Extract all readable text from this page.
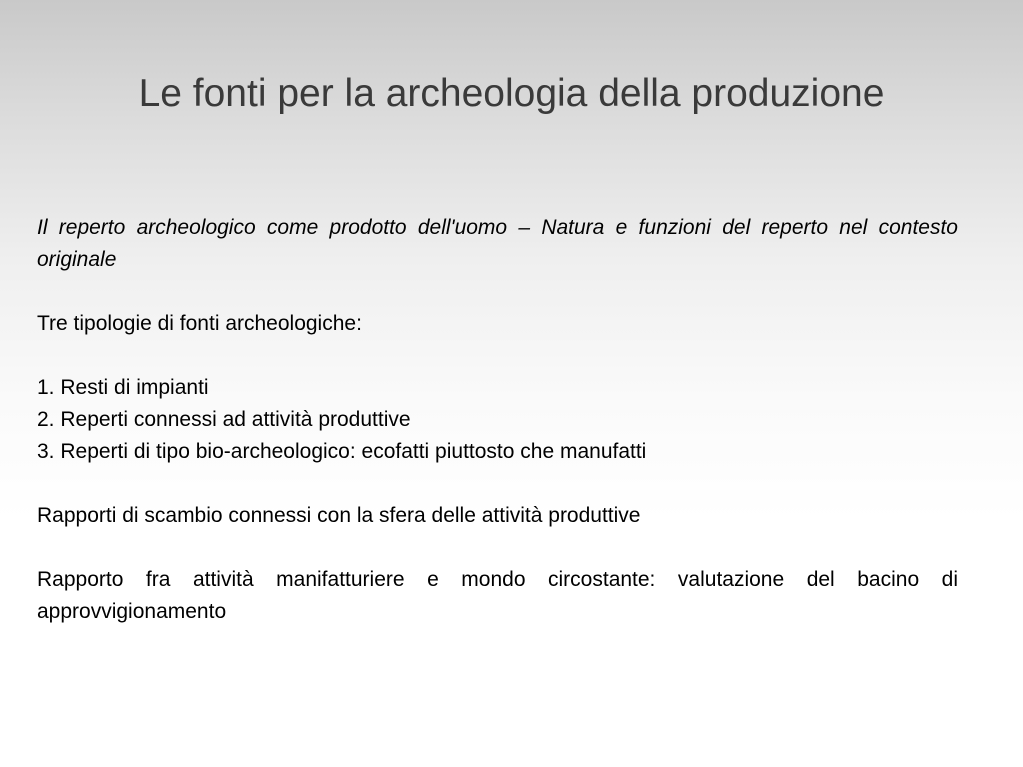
Le fonti per la archeologia della produzione

Il reperto archeologico come prodotto dell'uomo – Natura e funzioni del reperto nel contesto originale

Tre tipologie di fonti archeologiche:

1. Resti di impianti

2. Reperti connessi ad attività produttive

3. Reperti di tipo bio-archeologico: ecofatti piuttosto che manufatti

Rapporti di scambio connessi con la sfera delle attività produttive

Rapporto fra attività manifatturiere e mondo circostante: valutazione del bacino di approvvigionamento
